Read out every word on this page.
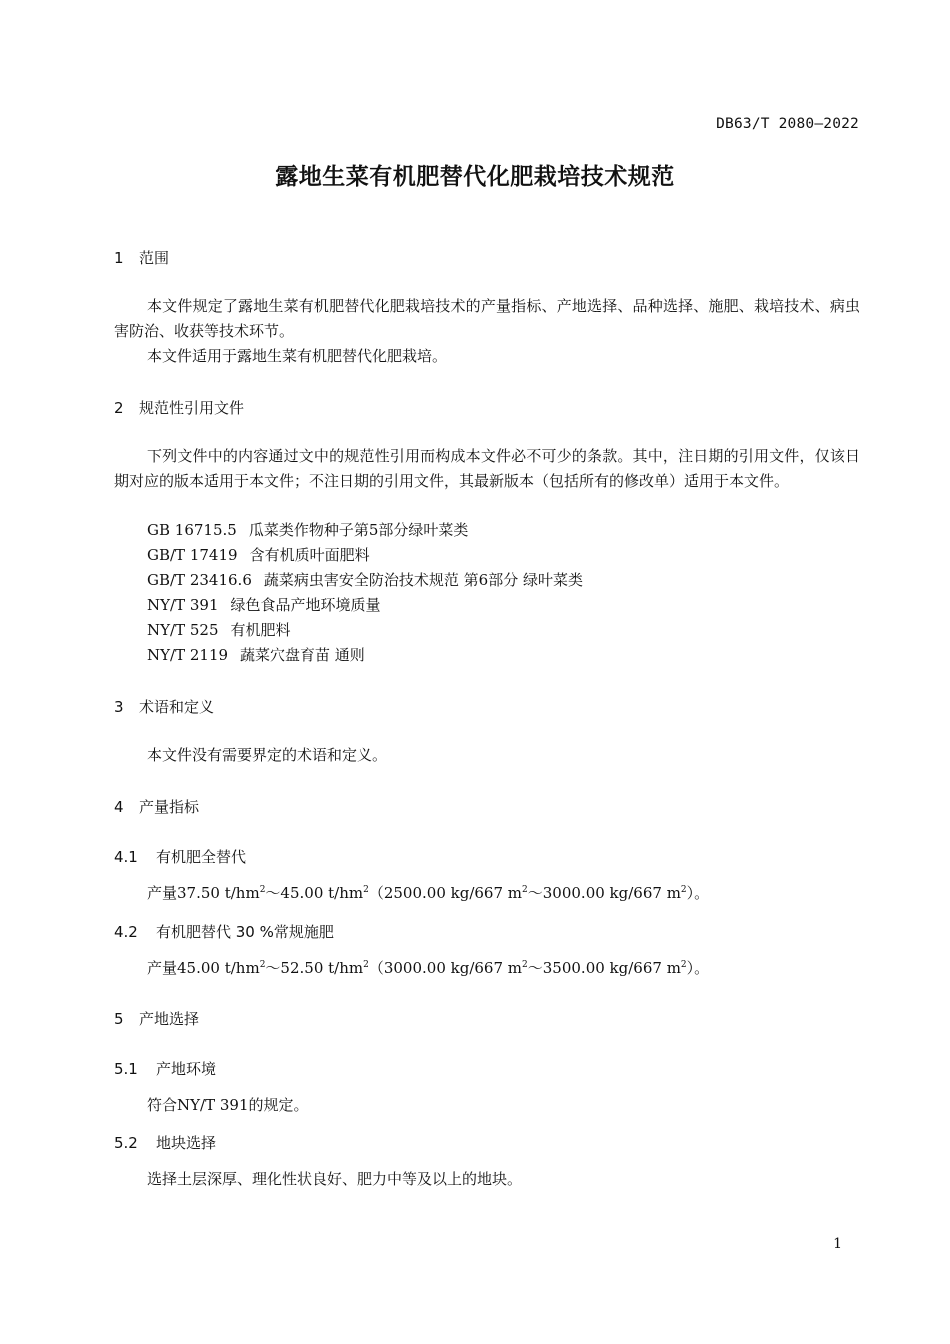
DB63/T 2080—2022
露地生菜有机肥替代化肥栽培技术规范
1 范围
本文件规定了露地生菜有机肥替代化肥栽培技术的产量指标、产地选择、品种选择、施肥、栽培技术、病虫害防治、收获等技术环节。
本文件适用于露地生菜有机肥替代化肥栽培。
2 规范性引用文件
下列文件中的内容通过文中的规范性引用而构成本文件必不可少的条款。其中，注日期的引用文件，仅该日期对应的版本适用于本文件；不注日期的引用文件，其最新版本（包括所有的修改单）适用于本文件。
GB 16715.5 瓜菜类作物种子第5部分绿叶菜类
GB/T 17419 含有机质叶面肥料
GB/T 23416.6 蔬菜病虫害安全防治技术规范 第6部分 绿叶菜类
NY/T 391 绿色食品产地环境质量
NY/T 525 有机肥料
NY/T 2119 蔬菜穴盘育苗 通则
3 术语和定义
本文件没有需要界定的术语和定义。
4 产量指标
4.1 有机肥全替代
产量37.50 $t/hm^2\sim 45.00$ $t/hm^2(2500.00$ kg/667 $m^2\sim 3000.00$ kg/667 $m^2$）。
4.2 有机肥替代 30 %常规施肥
产量45.00 $t/hm^2\sim 52.50$ $t/hm^2(3000.00$ kg/667 $m^2\sim 3500.00$ kg/667 $m^2$）。
5 产地选择
5.1 产地环境
符合NY/T 391的规定。
5.2 地块选择
选择土层深厚、理化性状良好、肥力中等及以上的地块。
1
